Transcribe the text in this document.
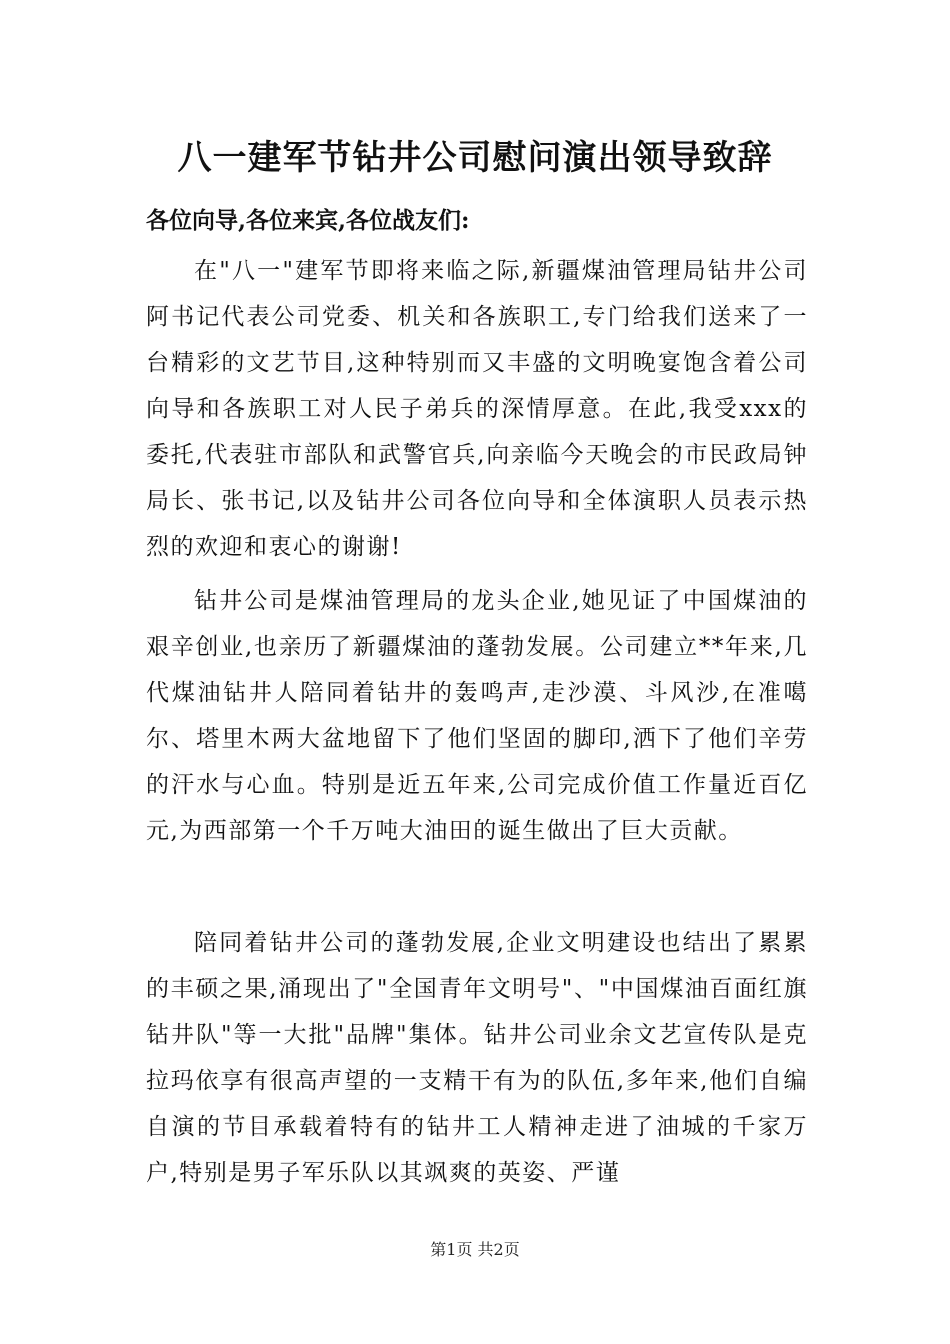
八一建军节钻井公司慰问演出领导致辞
各位向导,各位来宾,各位战友们:

在"八一"建军节即将来临之际,新疆煤油管理局钻井公司阿书记代表公司党委、机关和各族职工,专门给我们送来了一台精彩的文艺节目,这种特别而又丰盛的文明晚宴饱含着公司向导和各族职工对人民子弟兵的深情厚意。在此,我受xxx的委托,代表驻市部队和武警官兵,向亲临今天晚会的市民政局钟局长、张书记,以及钻井公司各位向导和全体演职人员表示热烈的欢迎和衷心的谢谢!

钻井公司是煤油管理局的龙头企业,她见证了中国煤油的艰辛创业,也亲历了新疆煤油的蓬勃发展。公司建立**年来,几代煤油钻井人陪同着钻井的轰鸣声,走沙漠、斗风沙,在准噶尔、塔里木两大盆地留下了他们坚固的脚印,洒下了他们辛劳的汗水与心血。特别是近五年来,公司完成价值工作量近百亿元,为西部第一个千万吨大油田的诞生做出了巨大贡献。

陪同着钻井公司的蓬勃发展,企业文明建设也结出了累累的丰硕之果,涌现出了"全国青年文明号"、"中国煤油百面红旗钻井队"等一大批"品牌"集体。钻井公司业余文艺宣传队是克拉玛依享有很高声望的一支精干有为的队伍,多年来,他们自编自演的节目承载着特有的钻井工人精神走进了油城的千家万户,特别是男子军乐队以其飒爽的英姿、严谨

第1页 共2页
